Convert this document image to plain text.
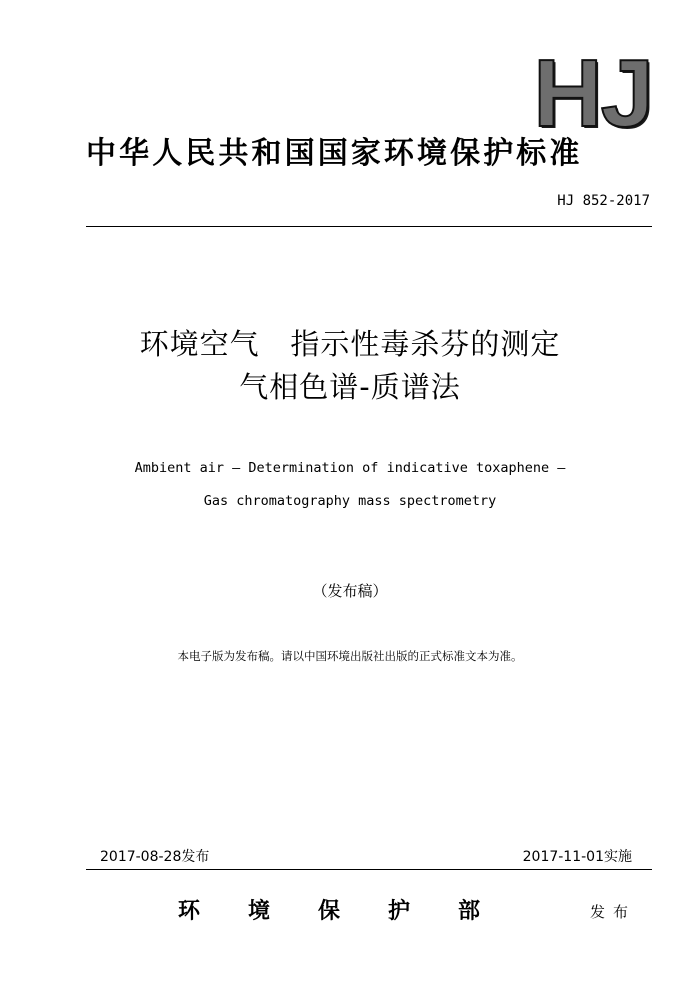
HJ
中华人民共和国国家环境保护标准
HJ 852-2017
环境空气   指示性毒杀芬的测定
气相色谱-质谱法
Ambient air — Determination of indicative toxaphene —
Gas chromatography mass spectrometry
（发布稿）
本电子版为发布稿。请以中国环境出版社出版的正式标准文本为准。
2017-08-28发布	2017-11-01实施
环境保护部	发布
